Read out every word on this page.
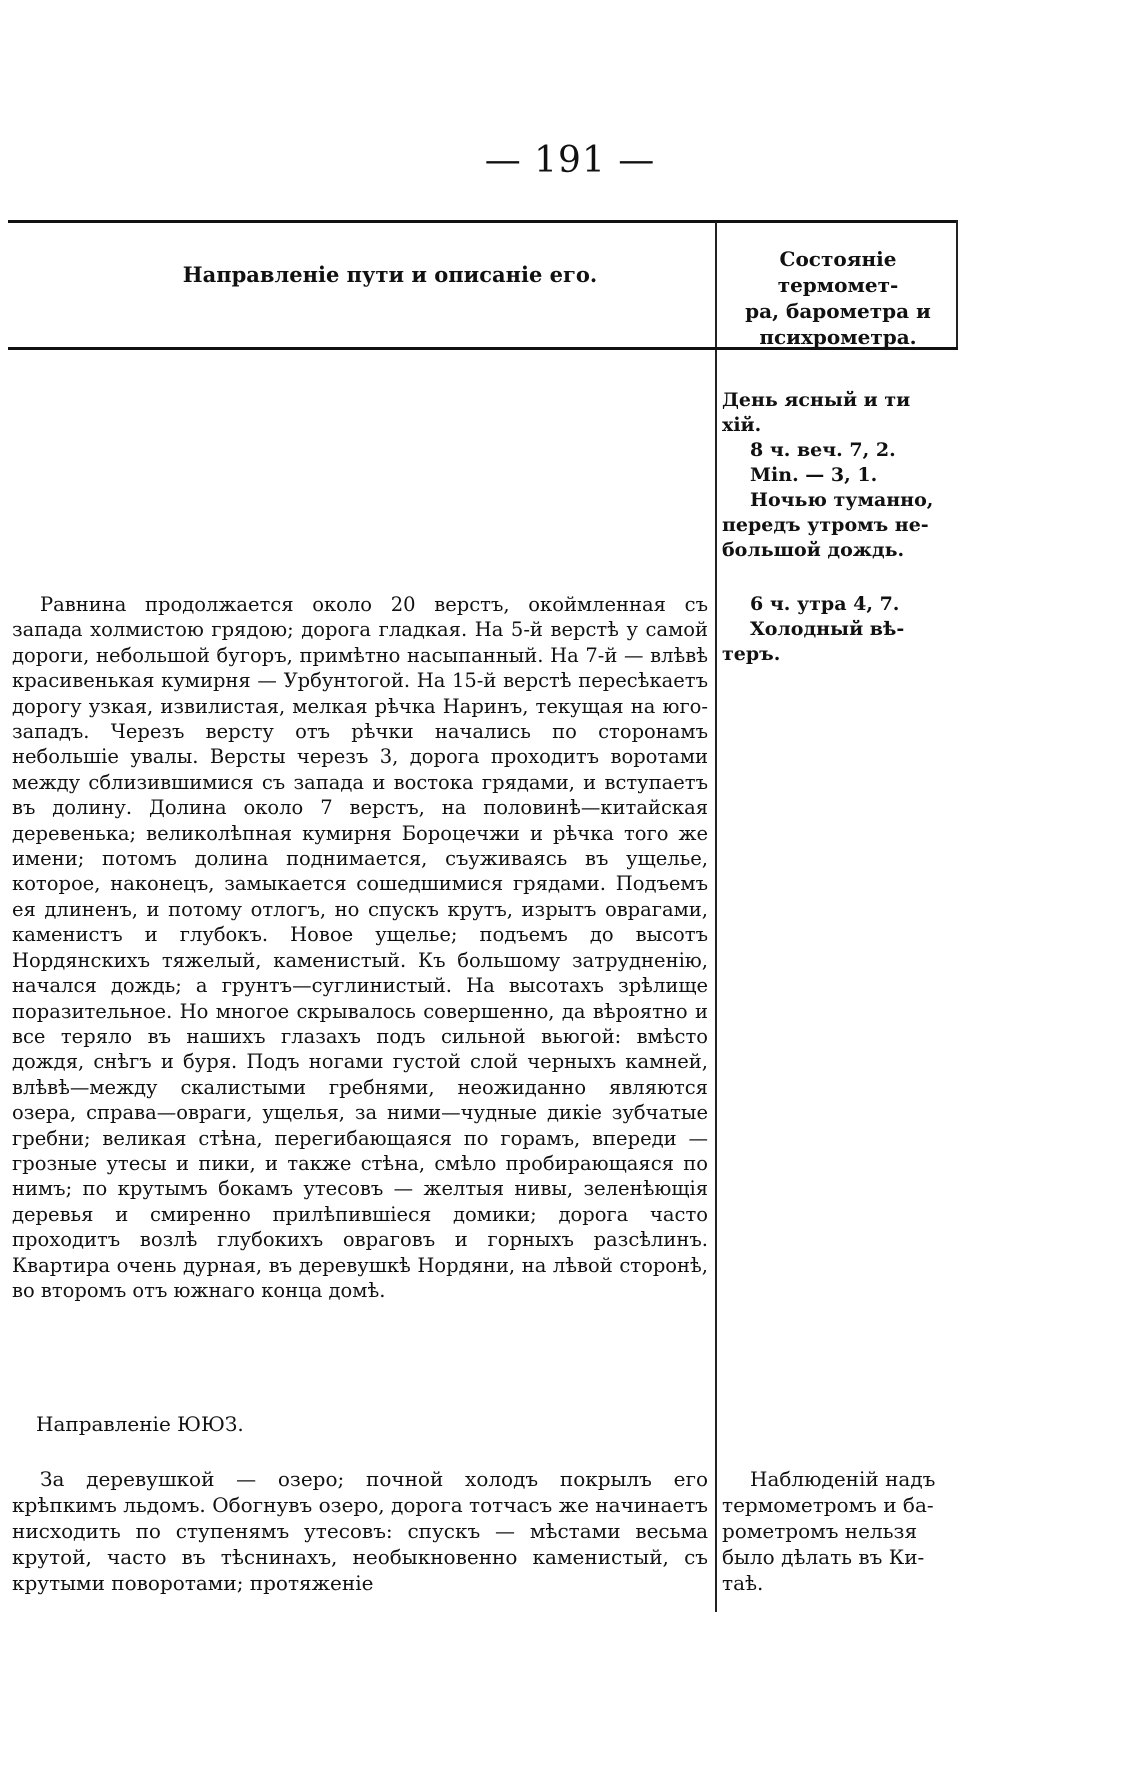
— 191 —
Направленіе пути и описаніе его.
Состояніе термомет-
ра, барометра и
психрометра.
День ясный и ти
хій.
8 ч. веч. 7, 2.
Min. — 3, 1.
Ночью туманно,
передъ утромъ не-
большой дождь.
6 ч. утра 4, 7.
Холодный вѣ-
теръ.
Наблюденій надъ
термометромъ и ба-
рометромъ нельзя
было дѣлать въ Ки-
таѣ.
Равнина продолжается около 20 верстъ, окоймленная съ запада холмистою грядою; дорога гладкая. На 5-й верстѣ у самой дороги, небольшой бугоръ, примѣтно насыпанный. На 7-й — влѣвѣ красивенькая кумирня — Урбунтогой. На 15-й верстѣ пересѣкаетъ дорогу узкая, извилистая, мелкая рѣчка Наринъ, текущая на юго-западъ. Черезъ версту отъ рѣчки начались по сторонамъ небольшіе увалы. Версты черезъ 3, дорога проходитъ воротами между сблизившимися съ запада и востока грядами, и вступаетъ въ долину. Долина около 7 верстъ, на половинѣ—китайская деревенька; великолѣпная кумирня Бороцечжи и рѣчка того же имени; потомъ долина поднимается, съуживаясь въ ущелье, которое, наконецъ, замыкается сошедшимися грядами. Подъемъ ея длиненъ, и потому отлогъ, но спускъ крутъ, изрытъ оврагами, каменистъ и глубокъ. Новое ущелье; подъемъ до высотъ Нордянскихъ тяжелый, каменистый. Къ большому затрудненію, начался дождь; а грунтъ—суглинистый. На высотахъ зрѣлище поразительное. Но многое скрывалось совершенно, да вѣроятно и все теряло въ нашихъ глазахъ подъ сильной вьюгой: вмѣсто дождя, снѣгъ и буря. Подъ ногами густой слой черныхъ камней, влѣвѣ—между скалистыми гребнями, неожиданно являются озера, справа—овраги, ущелья, за ними—чудные дикіе зубчатые гребни; великая стѣна, перегибающаяся по горамъ, впереди — грозные утесы и пики, и также стѣна, смѣло пробирающаяся по нимъ; по крутымъ бокамъ утесовъ — желтыя нивы, зеленѣющія деревья и смиренно прилѣпившіеся домики; дорога часто проходитъ возлѣ глубокихъ овраговъ и горныхъ разсѣлинъ. Квартира очень дурная, въ деревушкѣ Нордяни, на лѣвой сторонѣ, во второмъ отъ южнаго конца домѣ.
Направленіе ЮЮЗ.
За деревушкой — озеро; почной холодъ покрылъ его крѣпкимъ льдомъ. Обогнувъ озеро, дорога тотчасъ же начинаетъ нисходить по ступенямъ утесовъ: спускъ — мѣстами весьма крутой, часто въ тѣснинахъ, необыкновенно каменистый, съ крутыми поворотами; протяженіе
